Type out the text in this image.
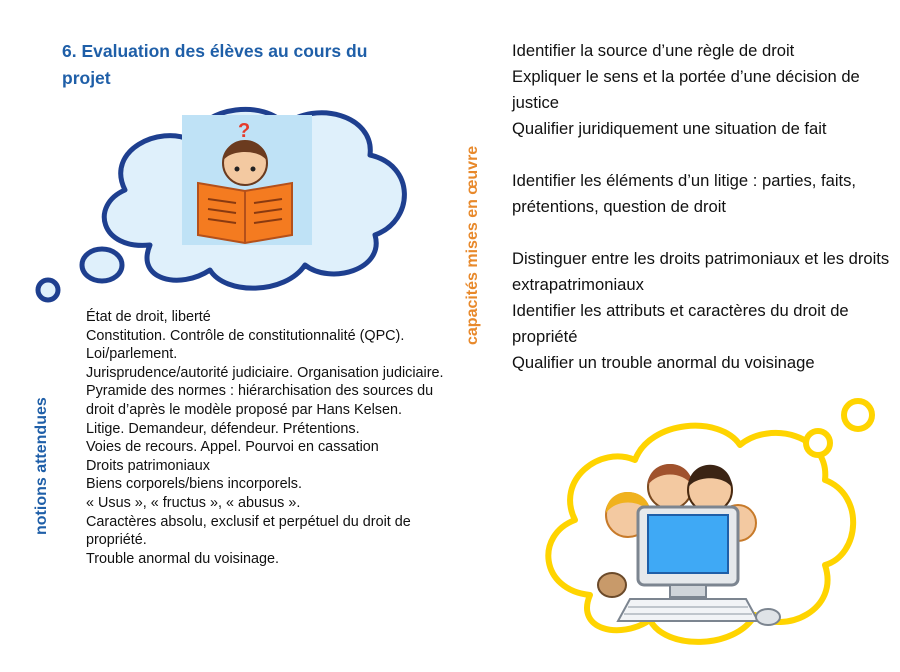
6. Evaluation des élèves au cours du projet
?
notions attendues
État de droit, liberté
Constitution. Contrôle de constitutionnalité (QPC).
Loi/parlement.
Jurisprudence/autorité judiciaire. Organisation judiciaire.
Pyramide des normes : hiérarchisation des sources du droit d’après le modèle proposé par Hans Kelsen.
Litige. Demandeur, défendeur. Prétentions.
Voies de recours. Appel. Pourvoi en cassation
Droits patrimoniaux
Biens corporels/biens incorporels.
« Usus », « fructus », « abusus ».
Caractères absolu, exclusif et perpétuel du droit de propriété.
Trouble anormal du voisinage.
capacités mises en œuvre
Identifier la source d’une règle de droit
Expliquer le sens et la portée d’une décision de justice
Qualifier juridiquement une situation de fait
Identifier les éléments d’un litige : parties, faits, prétentions, question de droit
Distinguer entre les droits patrimoniaux et les droits extrapatrimoniaux
Identifier les attributs et caractères du droit de propriété
Qualifier un trouble anormal du voisinage
